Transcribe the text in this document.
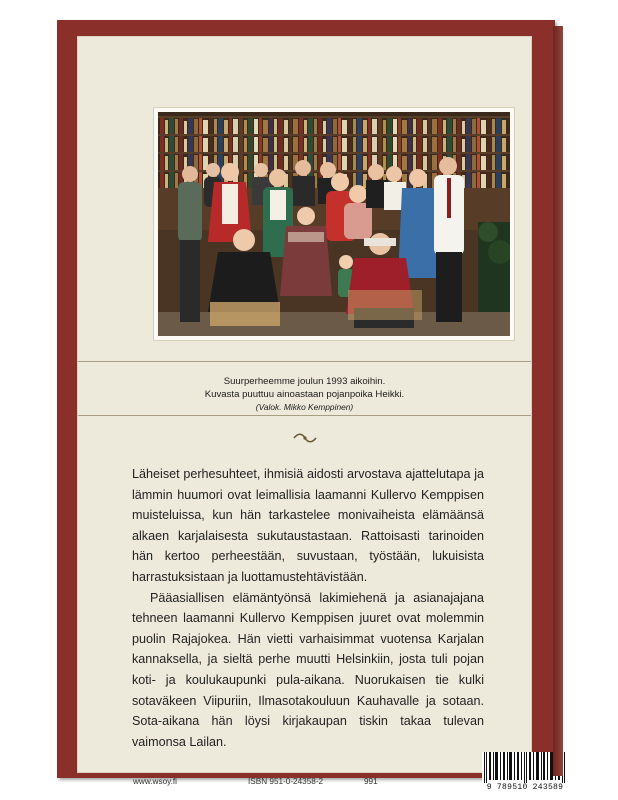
Suurperheemme joulun 1993 aikoihin.
Kuvasta puuttuu ainoastaan pojanpoika Heikki.
(Valok. Mikko Kemppinen)

Läheiset perhesuhteet, ihmisiä aidosti arvostava ajattelutapa ja lämmin huumori ovat leimallisia laamanni Kullervo Kemppisen muisteluissa, kun hän tarkastelee monivaiheista elämäänsä alkaen karjalaisesta sukutaustastaan. Rattoisasti tarinoiden hän kertoo perheestään, suvustaan, työstään, lukuisista harrastuksistaan ja luottamustehtävistään.

Pääasiallisen elämäntyönsä lakimiehenä ja asianajajana tehneen laamanni Kullervo Kemppisen juuret ovat molemmin puolin Rajajokea. Hän vietti varhaisimmat vuotensa Karjalan kannaksella, ja sieltä perhe muutti Helsinkiin, josta tuli pojan koti- ja koulukaupunki pula-aikana. Nuorukaisen tie kulki sotaväkeen Viipuriin, Ilmasotakouluun Kauhavalle ja sotaan. Sota-aikana hän löysi kirjakaupan tiskin takaa tulevan vaimonsa Lailan.

www.wsoy.fi	ISBN 951-0-24358-2	991
9 789510 243589
